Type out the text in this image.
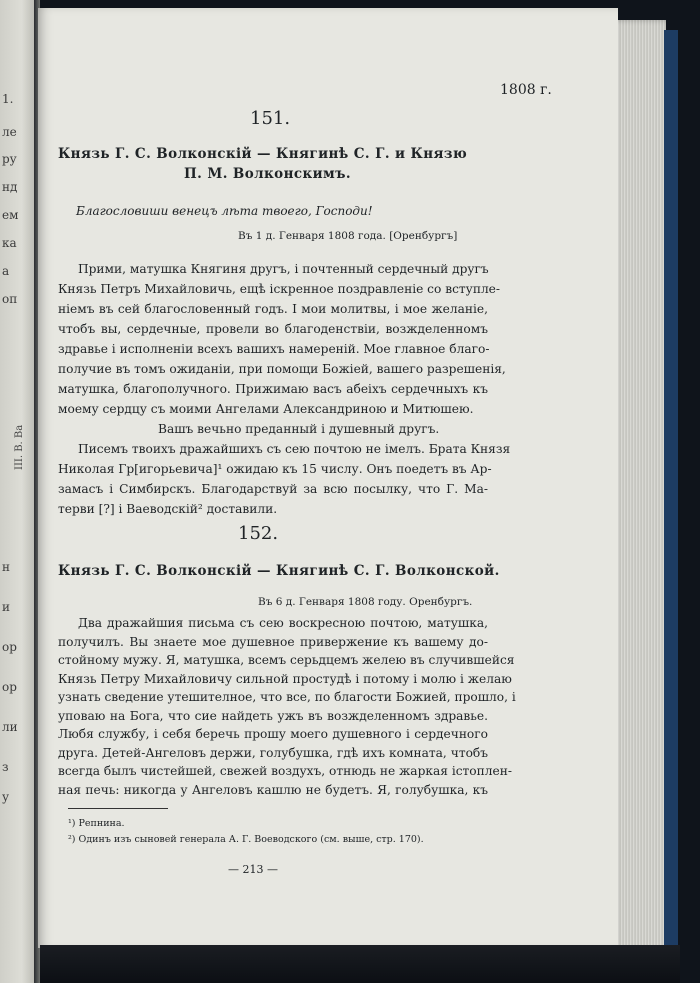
1.
ле
ру
нд
ем
ка
а
оп
III. В. Ва
н
и
ор
ор
ли
з
у
1808 г.
151.
Князь Г. С. Волконскій — Княгинѣ С. Г. и Князю
П. М. Волконскимъ.
Благословиши венецъ лѣта твоего, Господи!
Въ 1 д. Генваря 1808 года. [Оренбургъ]
Прими, матушка Княгиня другъ, і почтенный сердечный другъ
Князь Петръ Михайловичь, ещѣ іскренное поздравленіе со вступле-
ніемъ въ сей благословенный годъ. І мои молитвы, і мое желаніе,
чтобъ вы, сердечные, провели во благоденствіи, возжделенномъ
здравье і исполненіи всехъ вашихъ намереній. Мое главное благо-
получие въ томъ ожиданіи, при помощи Божіей, вашего разрешенія,
матушка, благополучного. Прижимаю васъ абеіхъ сердечныхъ къ
моему сердцу съ моими Ангелами Александриною и Митюшею.
Вашъ вечьно преданный і душевный другъ.
Писемъ твоихъ дражайшихъ съ сею почтою не імелъ. Брата Князя
Николая Гр[игорьевича]¹ ожидаю къ 15 числу. Онъ поедетъ въ Ар-
замасъ і Симбирскъ. Благодарствуй за всю посылку, что Г. Ма-
терви [?] і Ваеводскій² доставили.
152.
Князь Г. С. Волконскій — Княгинѣ С. Г. Волконской.
Въ 6 д. Генваря 1808 году. Оренбургъ.
Два дражайшия письма съ сею воскресною почтою, матушка,
получилъ. Вы знаете мое душевное привержение къ вашему до-
стойному мужу. Я, матушка, всемъ серьдцемъ желею въ случившейся
Князь Петру Михайловичу сильной простудѣ і потому і молю і желаю
узнать сведение утешителное, что все, по благости Божией, прошло, і
уповаю на Бога, что сие найдеть ужъ въ возжделенномъ здравье.
Любя службу, і себя беречь прошу моего душевного і сердечного
друга. Детей-Ангеловъ держи, голубушка, гдѣ ихъ комната, чтобъ
всегда былъ чистейшей, свежей воздухъ, отнюдь не жаркая істоплен-
¹) Репнина.
²) Одинъ изъ сыновей генерала А. Г. Воеводского (см. выше, стр. 170).
— 213 —
ная печь: никогда у Ангеловъ кашлю не будетъ. Я, голубушка, къ
